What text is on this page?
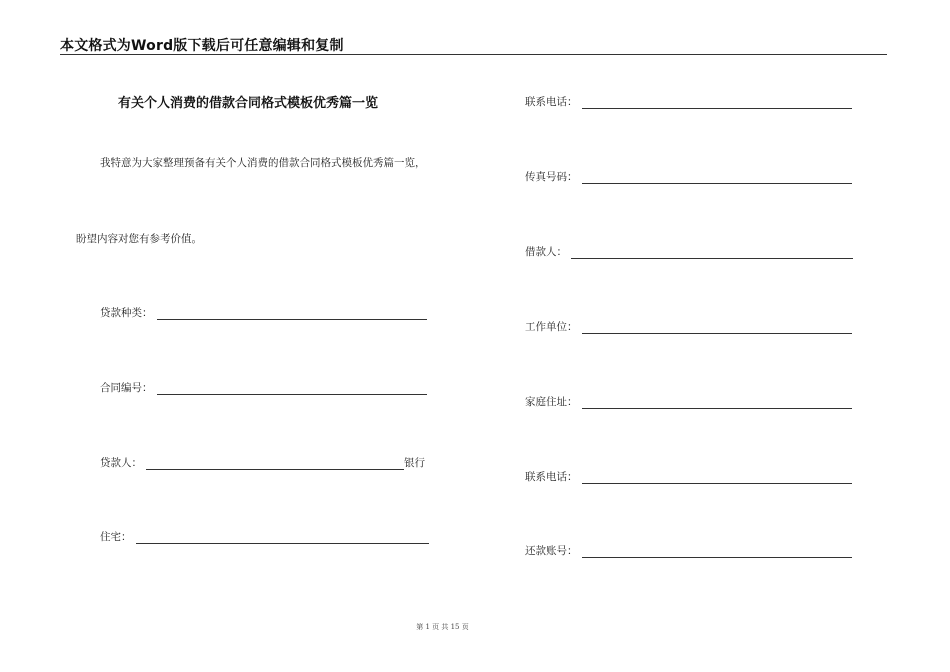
本文格式为Word版下载后可任意编辑和复制
有关个人消费的借款合同格式模板优秀篇一览
我特意为大家整理预备有关个人消费的借款合同格式模板优秀篇一览，
盼望内容对您有参考价值。
贷款种类：
合同编号：
贷款人：	银行
住宅：
联系电话：
传真号码：
借款人：
工作单位：
家庭住址：
联系电话：
还款账号：
第 1 页 共 15 页
